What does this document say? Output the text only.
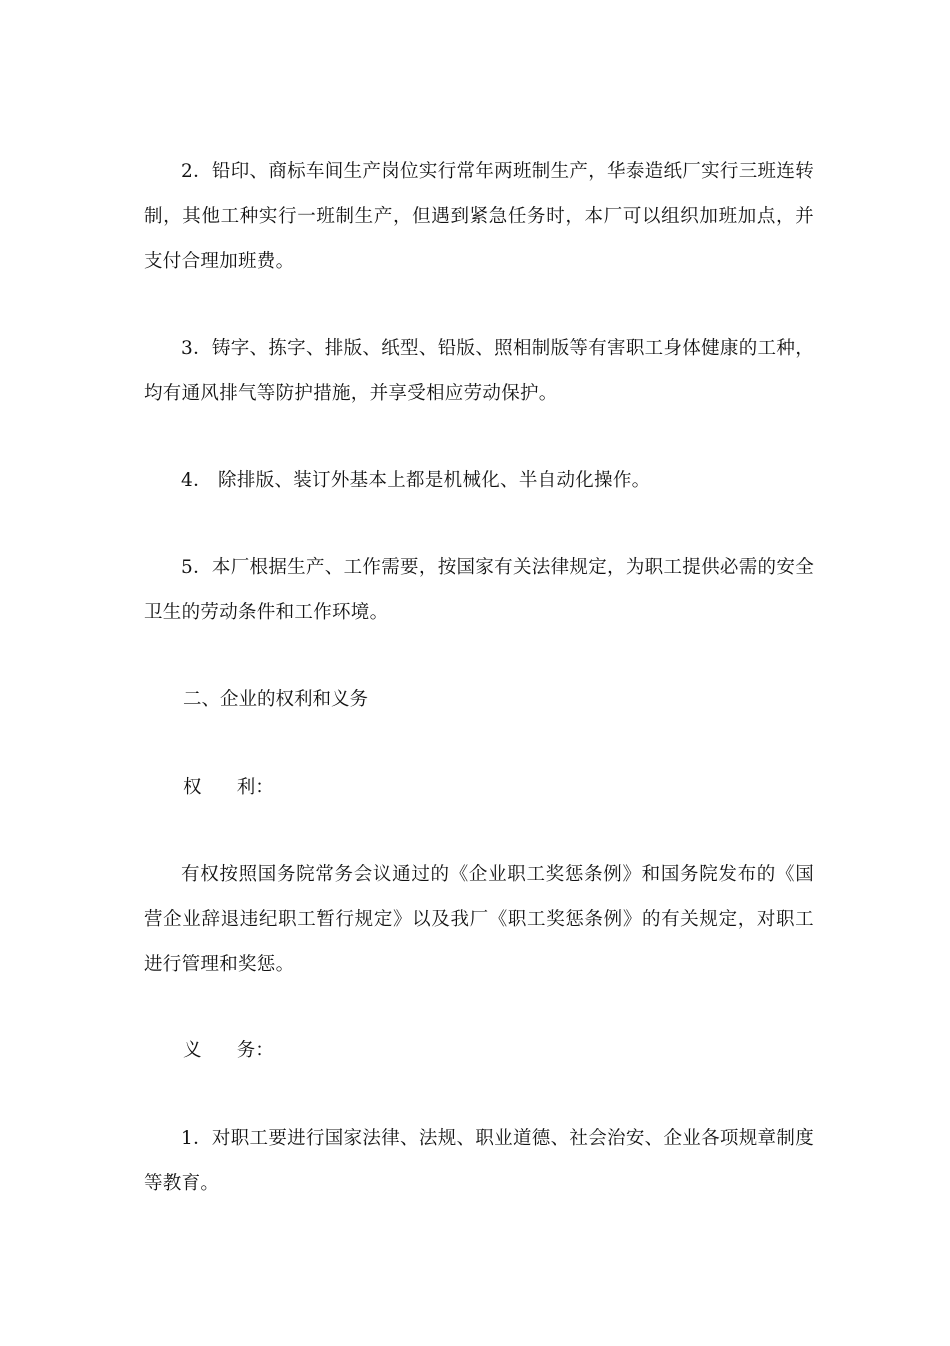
2．铅印、商标车间生产岗位实行常年两班制生产，华泰造纸厂实行三班连转制，其他工种实行一班制生产，但遇到紧急任务时，本厂可以组织加班加点，并支付合理加班费。

3．铸字、拣字、排版、纸型、铅版、照相制版等有害职工身体健康的工种，均有通风排气等防护措施，并享受相应劳动保护。

4． 除排版、装订外基本上都是机械化、半自动化操作。

5．本厂根据生产、工作需要，按国家有关法律规定，为职工提供必需的安全卫生的劳动条件和工作环境。

二、企业的权利和义务

权      利：

有权按照国务院常务会议通过的《企业职工奖惩条例》和国务院发布的《国营企业辞退违纪职工暂行规定》以及我厂《职工奖惩条例》的有关规定，对职工进行管理和奖惩。

义      务：

1．对职工要进行国家法律、法规、职业道德、社会治安、企业各项规章制度等教育。
